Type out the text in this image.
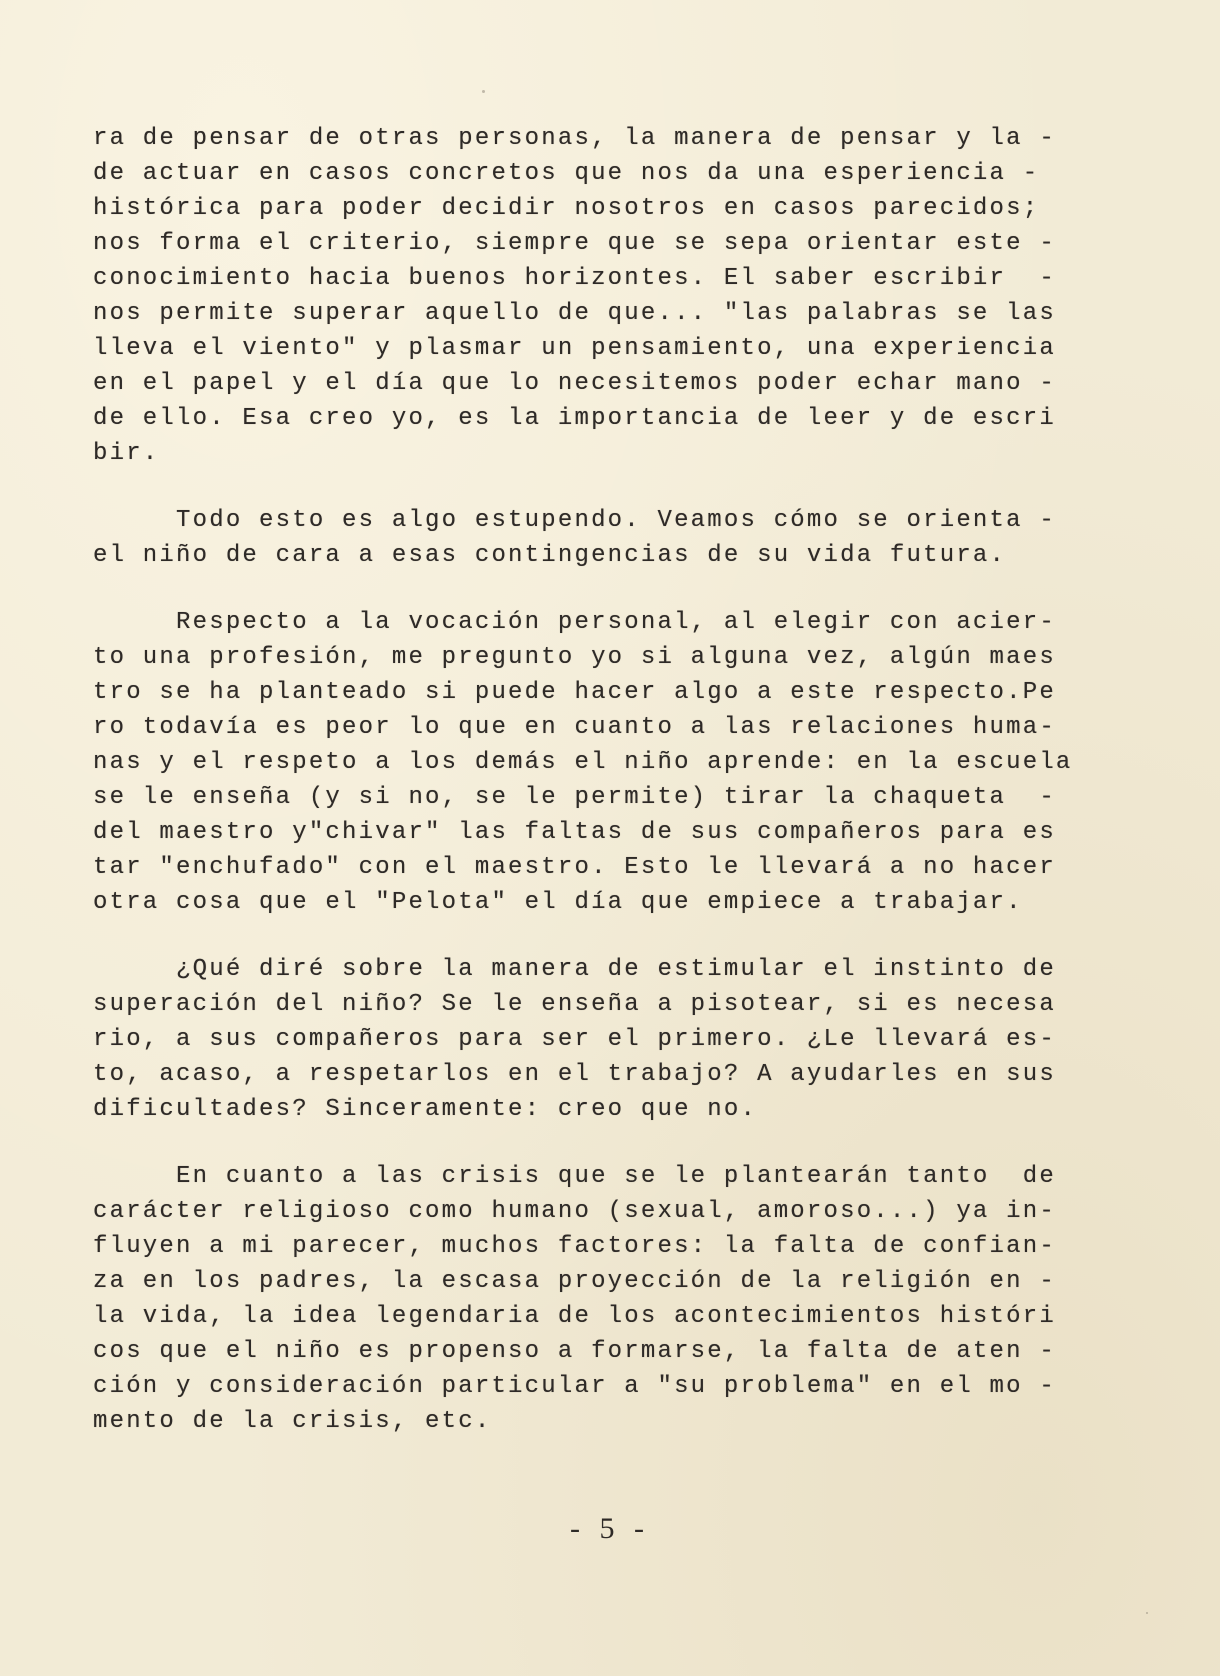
ra de pensar de otras personas, la manera de pensar y la -
de actuar en casos concretos que nos da una esperiencia -
histórica para poder decidir nosotros en casos parecidos;
nos forma el criterio, siempre que se sepa orientar este -
conocimiento hacia buenos horizontes. El saber escribir  -
nos permite superar aquello de que... "las palabras se las
lleva el viento" y plasmar un pensamiento, una experiencia
en el papel y el día que lo necesitemos poder echar mano -
de ello. Esa creo yo, es la importancia de leer y de escri
bir.
Todo esto es algo estupendo. Veamos cómo se orienta -
el niño de cara a esas contingencias de su vida futura.
Respecto a la vocación personal, al elegir con acier-
to una profesión, me pregunto yo si alguna vez, algún maes
tro se ha planteado si puede hacer algo a este respecto.Pe
ro todavía es peor lo que en cuanto a las relaciones huma-
nas y el respeto a los demás el niño aprende: en la escuela
se le enseña (y si no, se le permite) tirar la chaqueta  -
del maestro y"chivar" las faltas de sus compañeros para es
tar "enchufado" con el maestro. Esto le llevará a no hacer
otra cosa que el "Pelota" el día que empiece a trabajar.
¿Qué diré sobre la manera de estimular el instinto de
superación del niño? Se le enseña a pisotear, si es necesa
rio, a sus compañeros para ser el primero. ¿Le llevará es-
to, acaso, a respetarlos en el trabajo? A ayudarles en sus
dificultades? Sinceramente: creo que no.
En cuanto a las crisis que se le plantearán tanto  de
carácter religioso como humano (sexual, amoroso...) ya in-
fluyen a mi parecer, muchos factores: la falta de confian-
za en los padres, la escasa proyección de la religión en -
la vida, la idea legendaria de los acontecimientos históri
cos que el niño es propenso a formarse, la falta de aten -
ción y consideración particular a "su problema" en el mo -
mento de la crisis, etc.
- 5 -
